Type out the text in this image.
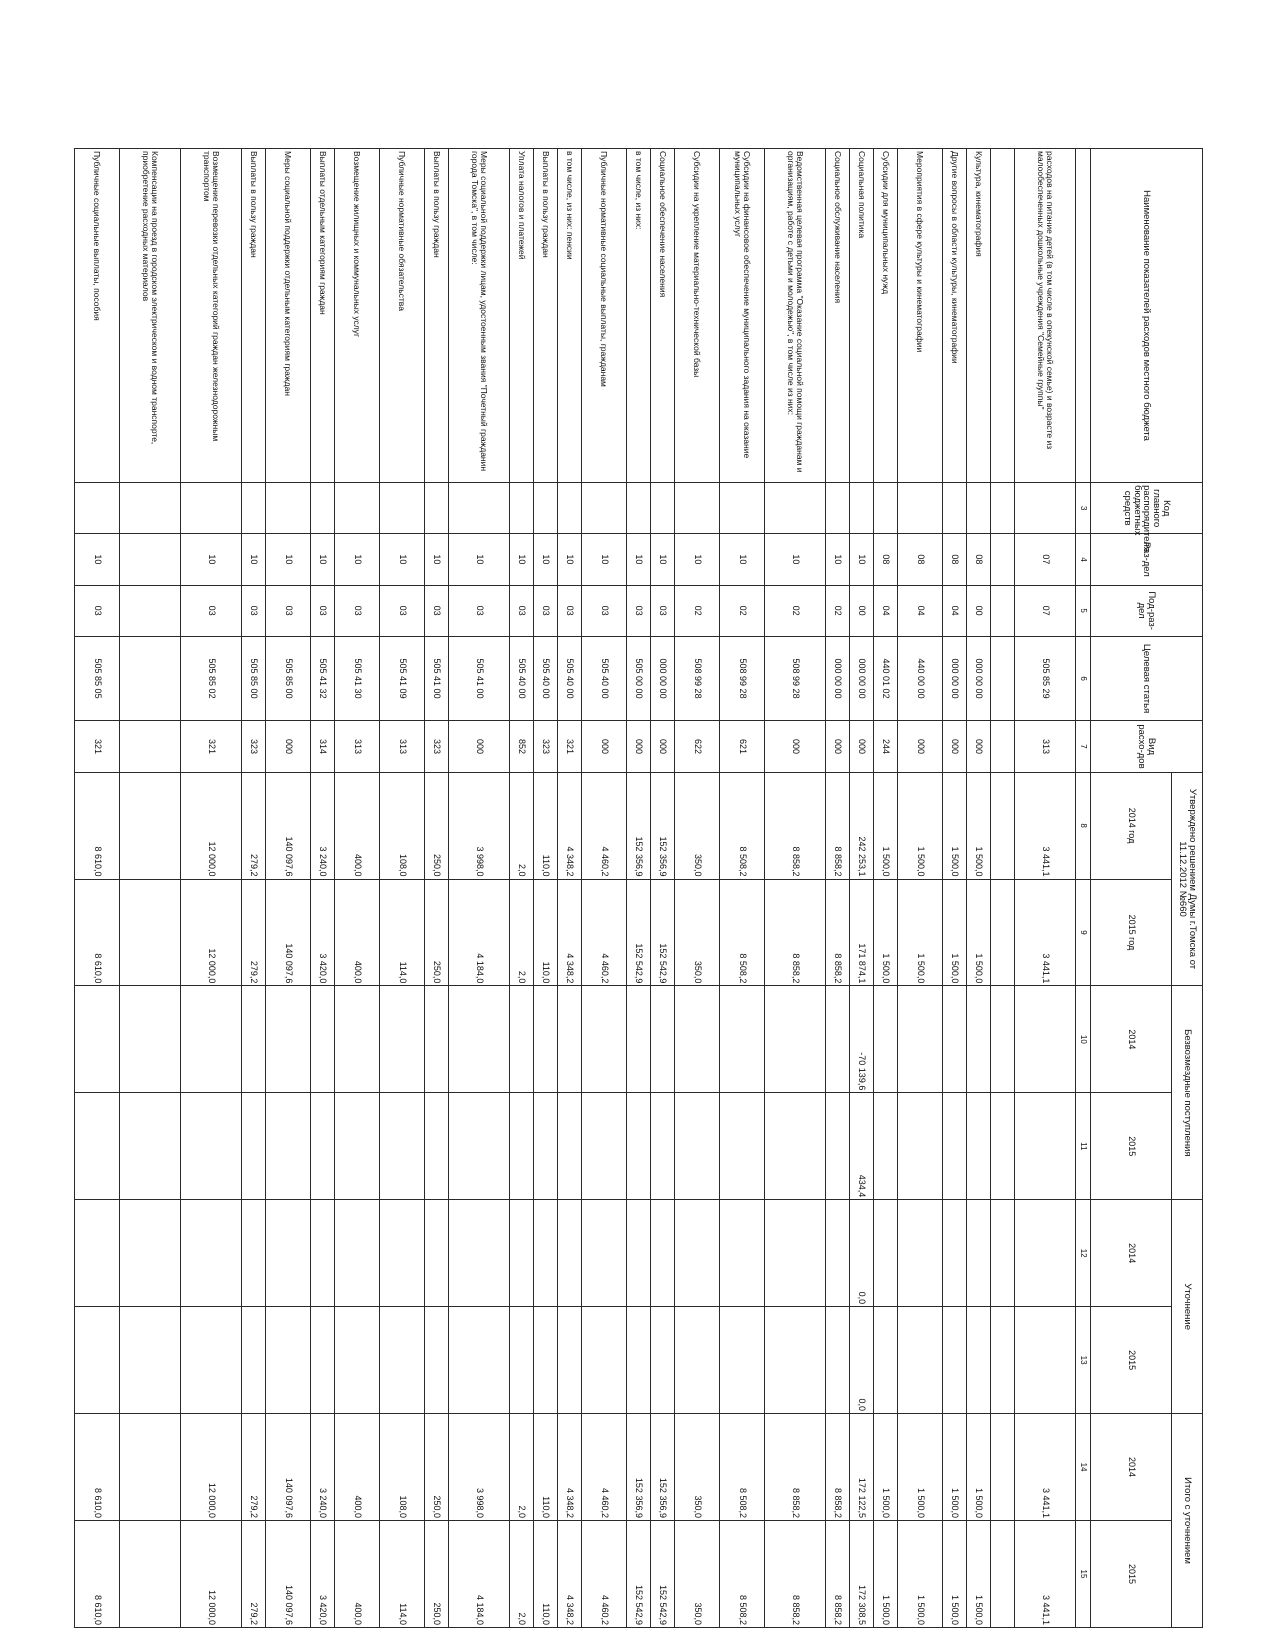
Наименование показателей расходов местного бюджета	Код главного распорядителя бюджетных средств	Раз-дел	Под-раз-дел	Целевая статья	Вид расхо-дов	Утверждено решением Думы г.Томска от 11.12.2012 №660		Безвозмездные поступления		Уточнение		Итого с уточнением	
						2014 год	2015 год	2014	2015	2014	2015	2014	2015
	3	4	5	6	7	8	9	10	11	12	13	14	15
расходов на питание детей (в том числе в опекунской семье) и возрасте из малообеспеченных дошкольные учреждения "Семейные группы"		07	07	505 85 29	313	3 441,1	3 441,1					3 441,1	3 441,1

Культура, кинематография		08	00	000 00 00	000	1 500,0	1 500,0					1 500,0	1 500,0
Другие вопросы в области культуры, кинематографии		08	04	000 00 00	000	1 500,0	1 500,0					1 500,0	1 500,0
Мероприятия в сфере культуры и кинематографии		08	04	440 00 00	000	1 500,0	1 500,0					1 500,0	1 500,0
Субсидии для муниципальных нужд		08	04	440 01 02	244	1 500,0	1 500,0					1 500,0	1 500,0
Социальная политика		10	00	000 00 00	000	242 253,1	171 874,1	-70 139,6	434,4	0,0	0,0	172 122,5	172 308,5
Социальное обслуживание населения		10	02	000 00 00	000	8 858,2	8 858,2					8 858,2	8 858,2
Ведомственная целевая программа "Оказание социальной помощи гражданам и организациям, работе с детьми и молодежью", в том числе из них:		10	02	508 99 28	000	8 858,2	8 858,2					8 858,2	8 858,2
Субсидии на финансовое обеспечение муниципального задания на оказание муниципальных услуг		10	02	508 99 28	621	8 508,2	8 508,2					8 508,2	8 508,2
Субсидии на укрепление материально-технической базы		10	02	508 99 28	622	350,0	350,0					350,0	350,0
Социальное обеспечение населения		10	03	000 00 00	000	152 356,9	152 542,9					152 356,9	152 542,9
в том числе, из них:		10	03	505 00 00	000	152 356,9	152 542,9					152 356,9	152 542,9
Публичные нормативные социальные выплаты, гражданам		10	03	505 40 00	000	4 460,2	4 460,2					4 460,2	4 460,2
в том числе, из них: пенсии		10	03	505 40 00	321	4 348,2	4 348,2					4 348,2	4 348,2
Выплаты в пользу граждан		10	03	505 40 00	323	110,0	110,0					110,0	110,0
Уплата налогов и платежей		10	03	505 40 00	852	2,0	2,0					2,0	2,0
Меры социальной поддержки лицам, удостоенным звания "Почетный гражданин города Томска", в том числе:		10	03	505 41 00	000	3 998,0	4 184,0					3 998,0	4 184,0
Выплаты в пользу граждан		10	03	505 41 00	323	250,0	250,0					250,0	250,0
Публичные нормативные обязательства		10	03	505 41 09	313	108,0	114,0					108,0	114,0
Возмещение жилищных и коммунальных услуг		10	03	505 41 30	313	400,0	400,0					400,0	400,0
Выплаты отдельным категориям граждан		10	03	505 41 32	314	3 240,0	3 420,0					3 240,0	3 420,0
Меры социальной поддержки отдельным категориям граждан		10	03	505 85 00	000	140 097,6	140 097,6					140 097,6	140 097,6
Выплаты в пользу граждан		10	03	505 85 00	323	279,2	279,2					279,2	279,2
Возмещение перевозки отдельных категорий граждан железнодорожным транспортом		10	03	505 85 02	321	12 000,0	12 000,0					12 000,0	12 000,0
Компенсации на проезд в городском электрическом и водном транспорте, приобретение расходных материалов													
Публичные социальные выплаты, пособия		10	03	505 85 05	321	8 610,0	8 610,0					8 610,0	8 610,0
